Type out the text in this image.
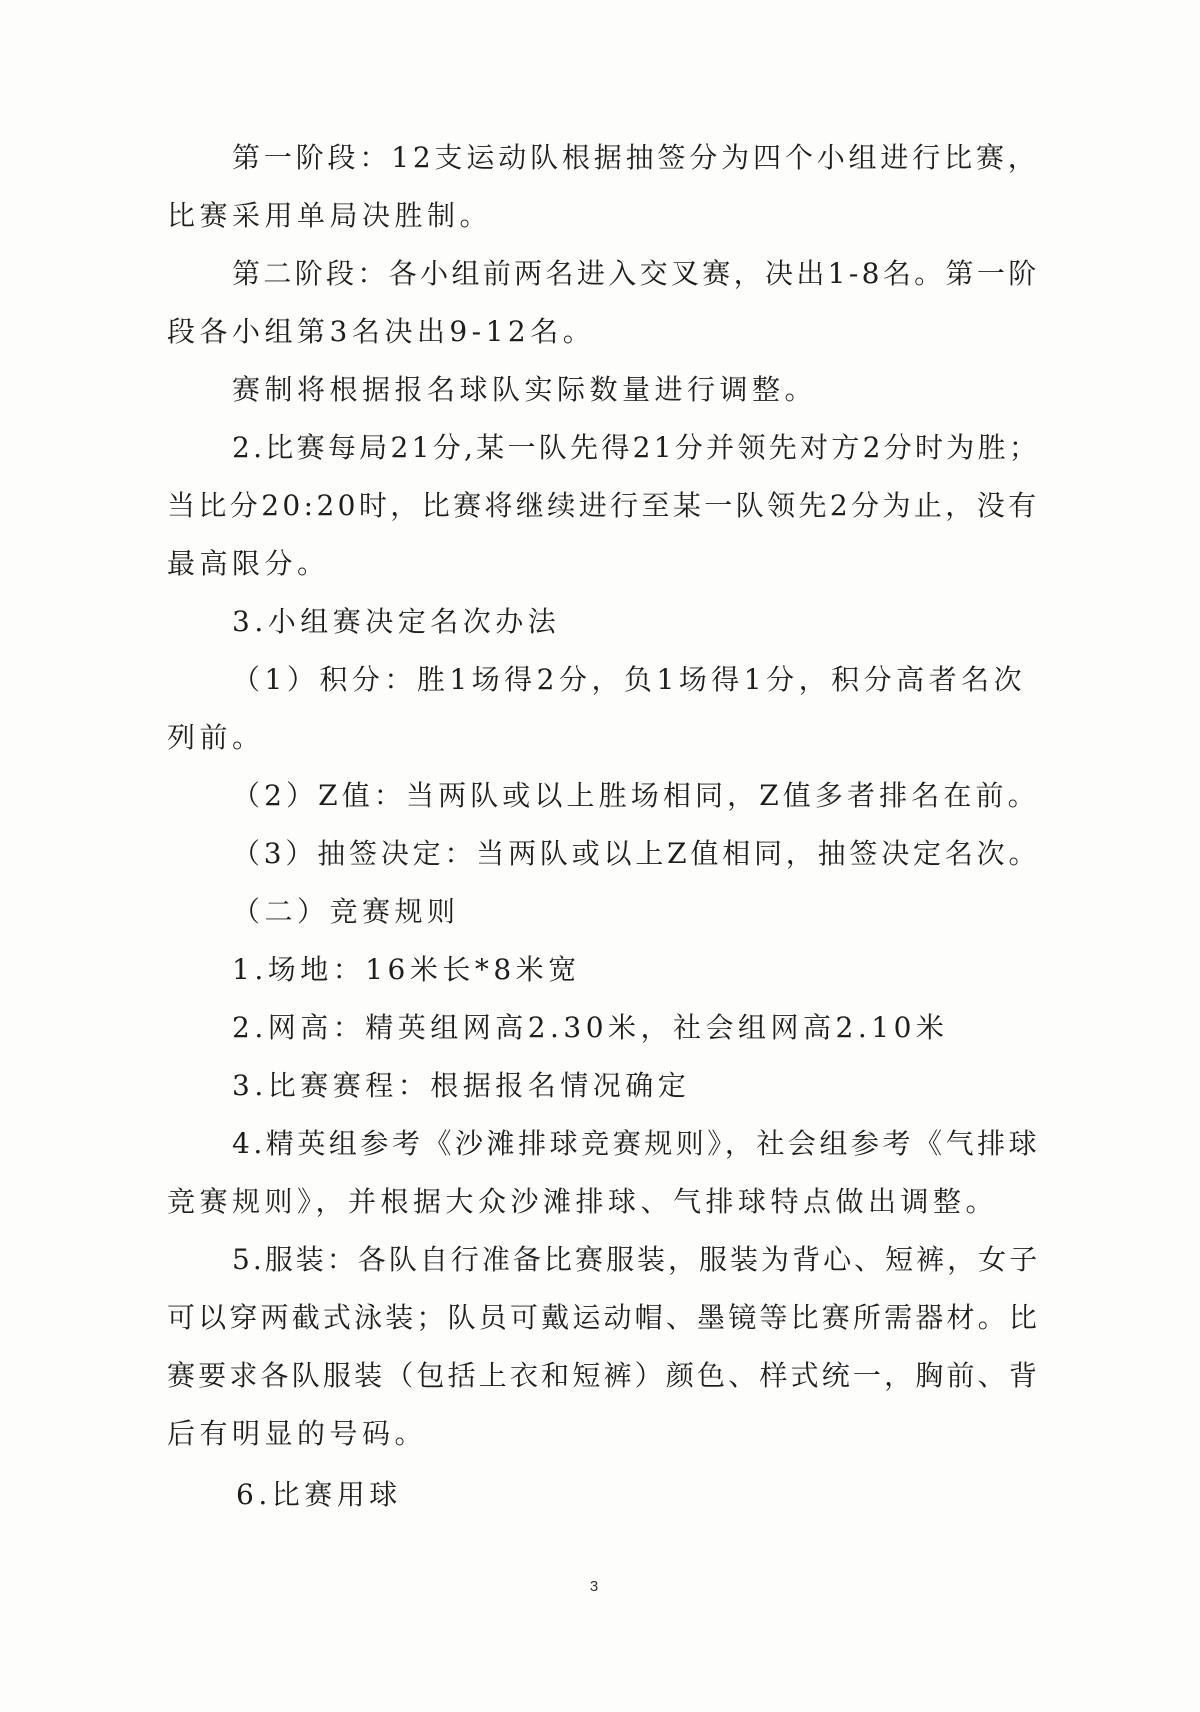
第一阶段：12支运动队根据抽签分为四个小组进行比赛，
比赛采用单局决胜制。
第二阶段：各小组前两名进入交叉赛，决出1-8名。第一阶
段各小组第3名决出9-12名。
赛制将根据报名球队实际数量进行调整。
2.比赛每局21分,某一队先得21分并领先对方2分时为胜；
当比分20:20时，比赛将继续进行至某一队领先2分为止，没有
最高限分。
3.小组赛决定名次办法
（1）积分：胜1场得2分，负1场得1分，积分高者名次
列前。
（2）Z值：当两队或以上胜场相同，Z值多者排名在前。
（3）抽签决定：当两队或以上Z值相同，抽签决定名次。
（二）竞赛规则
1.场地：16米长*8米宽
2.网高：精英组网高2.30米，社会组网高2.10米
3.比赛赛程：根据报名情况确定
4.精英组参考《沙滩排球竞赛规则》，社会组参考《气排球
竞赛规则》，并根据大众沙滩排球、气排球特点做出调整。
5.服装：各队自行准备比赛服装，服装为背心、短裤，女子
可以穿两截式泳装；队员可戴运动帽、墨镜等比赛所需器材。比
赛要求各队服装（包括上衣和短裤）颜色、样式统一，胸前、背
后有明显的号码。
6.比赛用球
3
